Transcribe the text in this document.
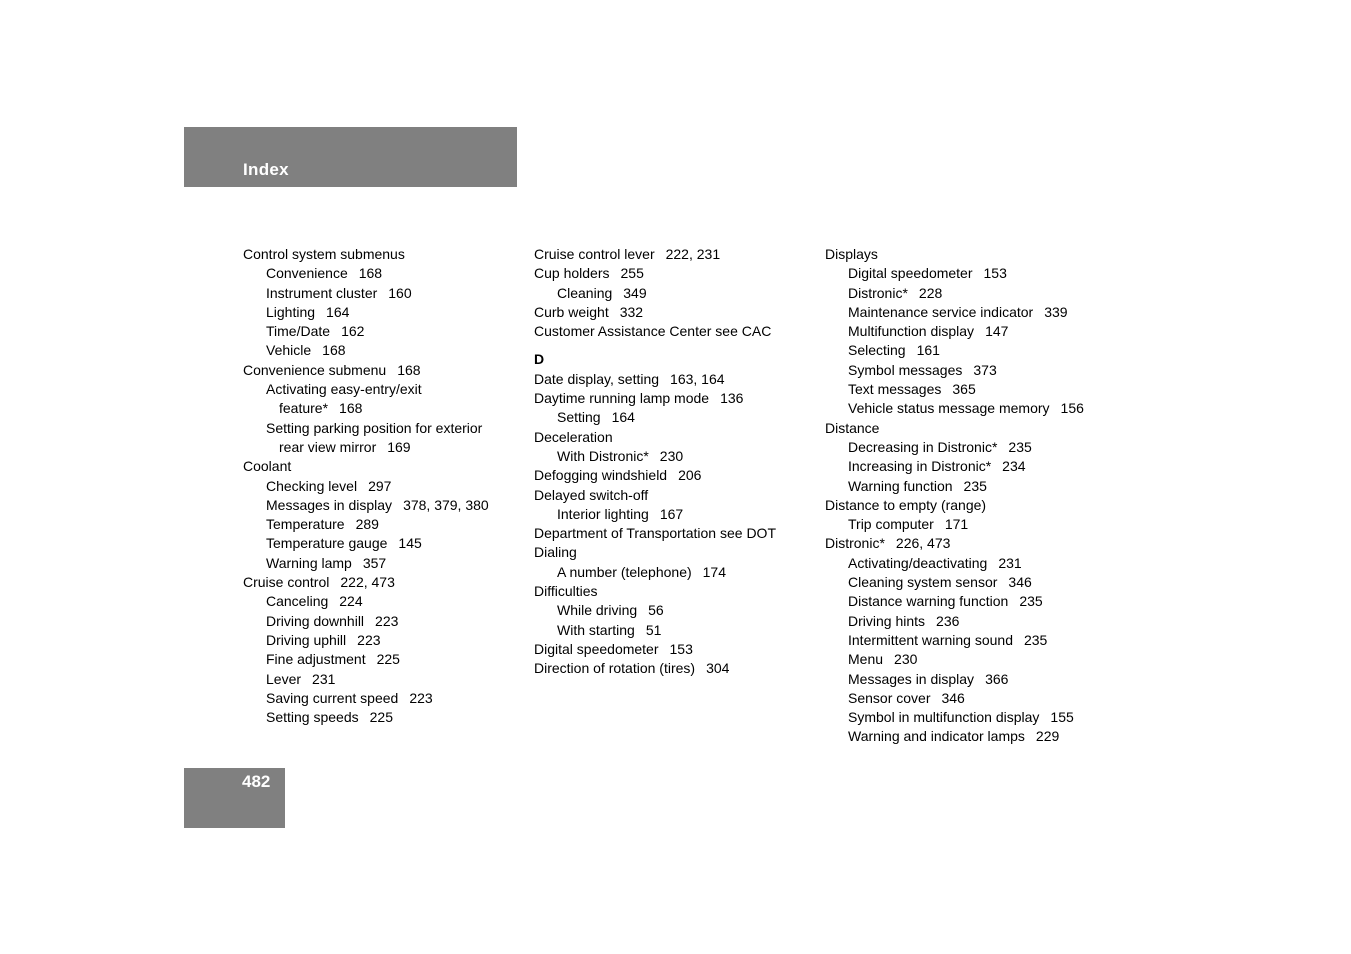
Index
Control system submenus
Convenience 168
Instrument cluster 160
Lighting 164
Time/Date 162
Vehicle 168
Convenience submenu 168
Activating easy-entry/exit
feature* 168
Setting parking position for exterior
rear view mirror 169
Coolant
Checking level 297
Messages in display 378, 379, 380
Temperature 289
Temperature gauge 145
Warning lamp 357
Cruise control 222, 473
Canceling 224
Driving downhill 223
Driving uphill 223
Fine adjustment 225
Lever 231
Saving current speed 223
Setting speeds 225
Cruise control lever 222, 231
Cup holders 255
Cleaning 349
Curb weight 332
Customer Assistance Center see CAC
D
Date display, setting 163, 164
Daytime running lamp mode 136
Setting 164
Deceleration
With Distronic* 230
Defogging windshield 206
Delayed switch-off
Interior lighting 167
Department of Transportation see DOT
Dialing
A number (telephone) 174
Difficulties
While driving 56
With starting 51
Digital speedometer 153
Direction of rotation (tires) 304
Displays
Digital speedometer 153
Distronic* 228
Maintenance service indicator 339
Multifunction display 147
Selecting 161
Symbol messages 373
Text messages 365
Vehicle status message memory 156
Distance
Decreasing in Distronic* 235
Increasing in Distronic* 234
Warning function 235
Distance to empty (range)
Trip computer 171
Distronic* 226, 473
Activating/deactivating 231
Cleaning system sensor 346
Distance warning function 235
Driving hints 236
Intermittent warning sound 235
Menu 230
Messages in display 366
Sensor cover 346
Symbol in multifunction display 155
Warning and indicator lamps 229
482
